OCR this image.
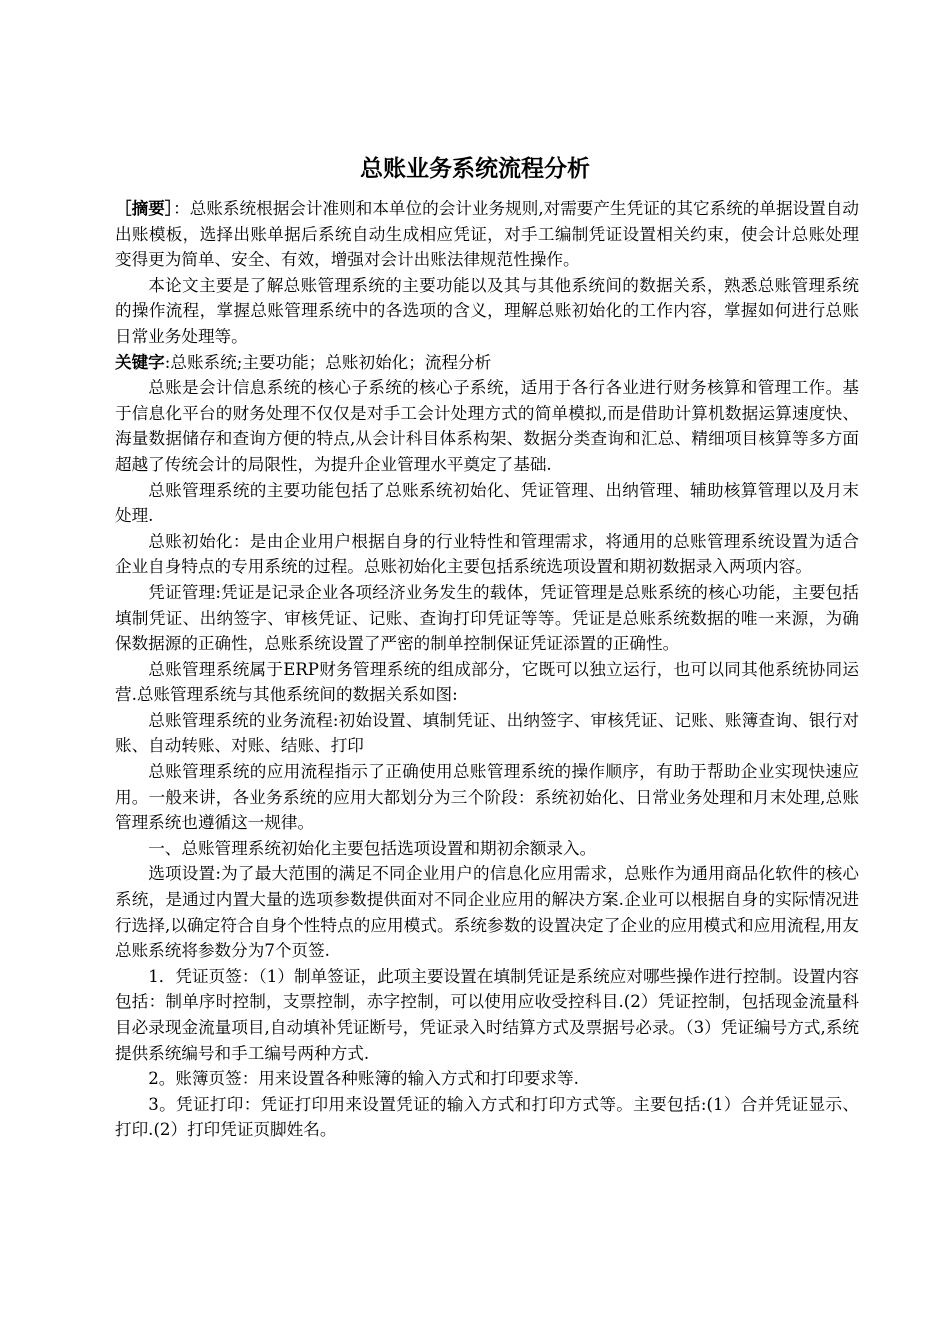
总账业务系统流程分析

［摘要］：总账系统根据会计准则和本单位的会计业务规则,对需要产生凭证的其它系统的单据设置自动出账模板，选择出账单据后系统自动生成相应凭证，对手工编制凭证设置相关约束，使会计总账处理变得更为简单、安全、有效，增强对会计出账法律规范性操作。

本论文主要是了解总账管理系统的主要功能以及其与其他系统间的数据关系，熟悉总账管理系统的操作流程，掌握总账管理系统中的各选项的含义，理解总账初始化的工作内容，掌握如何进行总账日常业务处理等。

关键字:总账系统;主要功能；总账初始化；流程分析

总账是会计信息系统的核心子系统的核心子系统，适用于各行各业进行财务核算和管理工作。基于信息化平台的财务处理不仅仅是对手工会计处理方式的简单模拟,而是借助计算机数据运算速度快、海量数据储存和查询方便的特点,从会计科目体系构架、数据分类查询和汇总、精细项目核算等多方面超越了传统会计的局限性，为提升企业管理水平奠定了基础.

总账管理系统的主要功能包括了总账系统初始化、凭证管理、出纳管理、辅助核算管理以及月末处理.

总账初始化：是由企业用户根据自身的行业特性和管理需求，将通用的总账管理系统设置为适合企业自身特点的专用系统的过程。总账初始化主要包括系统选项设置和期初数据录入两项内容。

凭证管理:凭证是记录企业各项经济业务发生的载体，凭证管理是总账系统的核心功能，主要包括填制凭证、出纳签字、审核凭证、记账、查询打印凭证等等。凭证是总账系统数据的唯一来源，为确保数据源的正确性，总账系统设置了严密的制单控制保证凭证添置的正确性。

总账管理系统属于ERP财务管理系统的组成部分，它既可以独立运行，也可以同其他系统协同运营.总账管理系统与其他系统间的数据关系如图:

总账管理系统的业务流程:初始设置、填制凭证、出纳签字、审核凭证、记账、账簿查询、银行对账、自动转账、对账、结账、打印

总账管理系统的应用流程指示了正确使用总账管理系统的操作顺序，有助于帮助企业实现快速应用。一般来讲，各业务系统的应用大都划分为三个阶段：系统初始化、日常业务处理和月末处理,总账管理系统也遵循这一规律。

一、总账管理系统初始化主要包括选项设置和期初余额录入。

选项设置:为了最大范围的满足不同企业用户的信息化应用需求，总账作为通用商品化软件的核心系统，是通过内置大量的选项参数提供面对不同企业应用的解决方案.企业可以根据自身的实际情况进行选择,以确定符合自身个性特点的应用模式。系统参数的设置决定了企业的应用模式和应用流程,用友总账系统将参数分为7个页签.

1．凭证页签：（1）制单签证，此项主要设置在填制凭证是系统应对哪些操作进行控制。设置内容包括：制单序时控制，支票控制，赤字控制，可以使用应收受控科目.(2）凭证控制，包括现金流量科目必录现金流量项目,自动填补凭证断号，凭证录入时结算方式及票据号必录。（3）凭证编号方式,系统提供系统编号和手工编号两种方式.

2。账簿页签：用来设置各种账簿的输入方式和打印要求等.

3。凭证打印：凭证打印用来设置凭证的输入方式和打印方式等。主要包括:(1）合并凭证显示、打印.(2）打印凭证页脚姓名。
